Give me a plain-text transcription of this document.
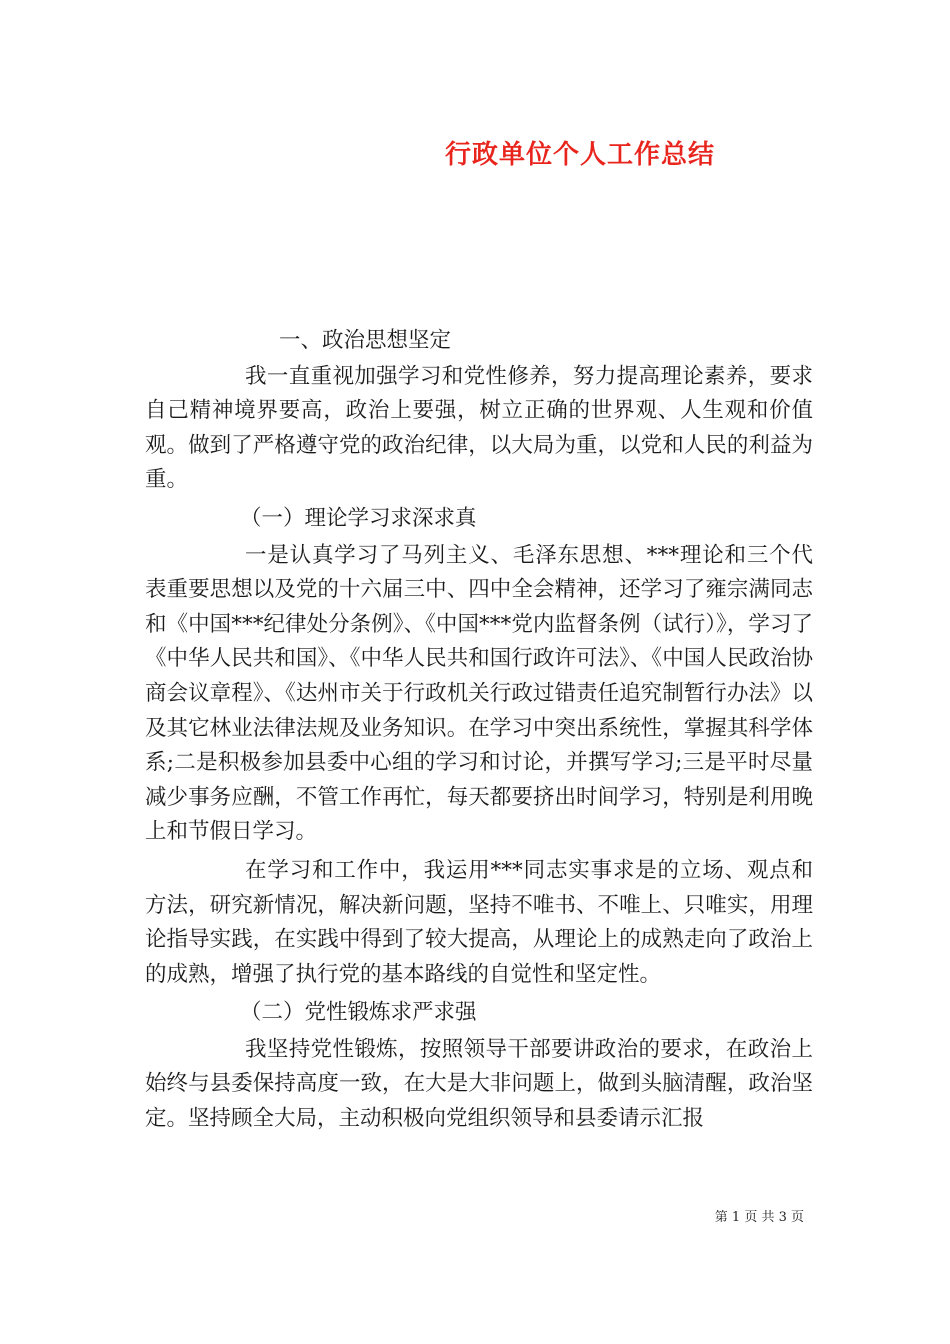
行政单位个人工作总结

一、政治思想坚定

我一直重视加强学习和党性修养，努力提高理论素养，要求自己精神境界要高，政治上要强，树立正确的世界观、人生观和价值观。做到了严格遵守党的政治纪律，以大局为重，以党和人民的利益为重。

（一）理论学习求深求真

一是认真学习了马列主义、毛泽东思想、***理论和三个代表重要思想以及党的十六届三中、四中全会精神，还学习了雍宗满同志和《中国***纪律处分条例》、《中国***党内监督条例（试行）》，学习了《中华人民共和国》、《中华人民共和国行政许可法》、《中国人民政治协商会议章程》、《达州市关于行政机关行政过错责任追究制暂行办法》以及其它林业法律法规及业务知识。在学习中突出系统性，掌握其科学体系;二是积极参加县委中心组的学习和讨论，并撰写学习;三是平时尽量减少事务应酬，不管工作再忙，每天都要挤出时间学习，特别是利用晚上和节假日学习。

在学习和工作中，我运用***同志实事求是的立场、观点和方法，研究新情况，解决新问题，坚持不唯书、不唯上、只唯实，用理论指导实践，在实践中得到了较大提高，从理论上的成熟走向了政治上的成熟，增强了执行党的基本路线的自觉性和坚定性。

（二）党性锻炼求严求强

我坚持党性锻炼，按照领导干部要讲政治的要求，在政治上始终与县委保持高度一致，在大是大非问题上，做到头脑清醒，政治坚定。坚持顾全大局，主动积极向党组织领导和县委请示汇报

第 1 页 共 3 页
